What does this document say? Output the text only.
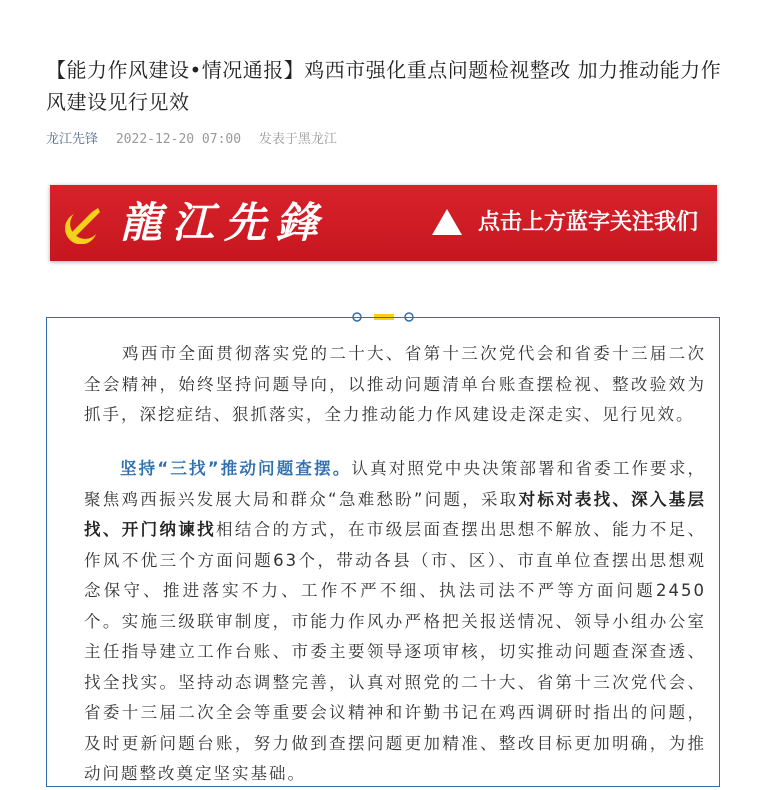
【能力作风建设•情况通报】鸡西市强化重点问题检视整改 加力推动能力作风建设见行见效
龙江先锋 2022-12-20 07:00 发表于黑龙江
龍江先鋒	点击上方蓝字关注我们
鸡西市全面贯彻落实党的二十大、省第十三次党代会和省委十三届二次全会精神，始终坚持问题导向，以推动问题清单台账查摆检视、整改验效为抓手，深挖症结、狠抓落实，全力推动能力作风建设走深走实、见行见效。
坚持“三找”推动问题查摆。认真对照党中央决策部署和省委工作要求，聚焦鸡西振兴发展大局和群众“急难愁盼”问题，采取对标对表找、深入基层找、开门纳谏找相结合的方式，在市级层面查摆出思想不解放、能力不足、作风不优三个方面问题63个，带动各县（市、区）、市直单位查摆出思想观念保守、推进落实不力、工作不严不细、执法司法不严等方面问题2450个。实施三级联审制度，市能力作风办严格把关报送情况、领导小组办公室主任指导建立工作台账、市委主要领导逐项审核，切实推动问题查深查透、找全找实。坚持动态调整完善，认真对照党的二十大、省第十三次党代会、省委十三届二次全会等重要会议精神和许勤书记在鸡西调研时指出的问题，及时更新问题台账，努力做到查摆问题更加精准、整改目标更加明确，为推动问题整改奠定坚实基础。
